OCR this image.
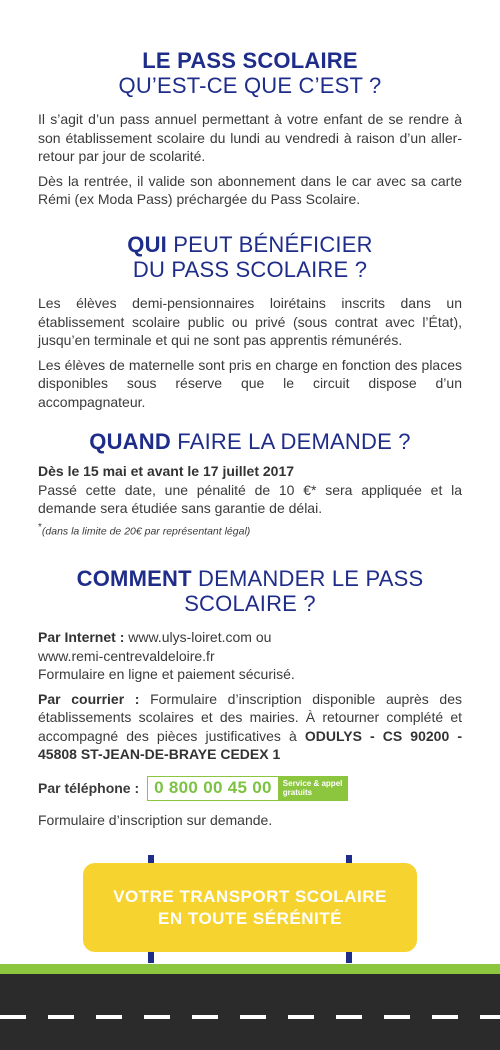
LE PASS SCOLAIRE
QU’EST-CE QUE C’EST ?

Il s’agit d’un pass annuel permettant à votre enfant de se rendre à son établissement scolaire du lundi au vendredi à raison d’un aller-retour par jour de scolarité.

Dès la rentrée, il valide son abonnement dans le car avec sa carte Rémi (ex Moda Pass) préchargée du Pass Scolaire.

QUI PEUT BÉNÉFICIER
DU PASS SCOLAIRE ?

Les élèves demi-pensionnaires loirétains inscrits dans un établissement scolaire public ou privé (sous contrat avec l’État), jusqu’en terminale et qui ne sont pas apprentis rémunérés.

Les élèves de maternelle sont pris en charge en fonction des places disponibles sous réserve que le circuit dispose d’un accompagnateur.

QUAND FAIRE LA DEMANDE ?

Dès le 15 mai et avant le 17 juillet 2017

Passé cette date, une pénalité de 10 €* sera appliquée et la demande sera étudiée sans garantie de délai.

*(dans la limite de 20€ par représentant légal)
COMMENT DEMANDER LE PASS
SCOLAIRE ?

Par Internet : www.ulys-loiret.com ou
www.remi-centrevaldeloire.fr
Formulaire en ligne et paiement sécurisé.

Par courrier : Formulaire d’inscription disponible auprès des établissements scolaires et des mairies. À retourner complété et accompagné des pièces justificatives à ODULYS - CS 90200 - 45808 ST-JEAN-DE-BRAYE CEDEX 1

Par téléphone : 0 800 00 45 00	Service & appel
gratuits

Formulaire d’inscription sur demande.

VOTRE TRANSPORT SCOLAIRE
EN TOUTE SÉRÉNITÉ
